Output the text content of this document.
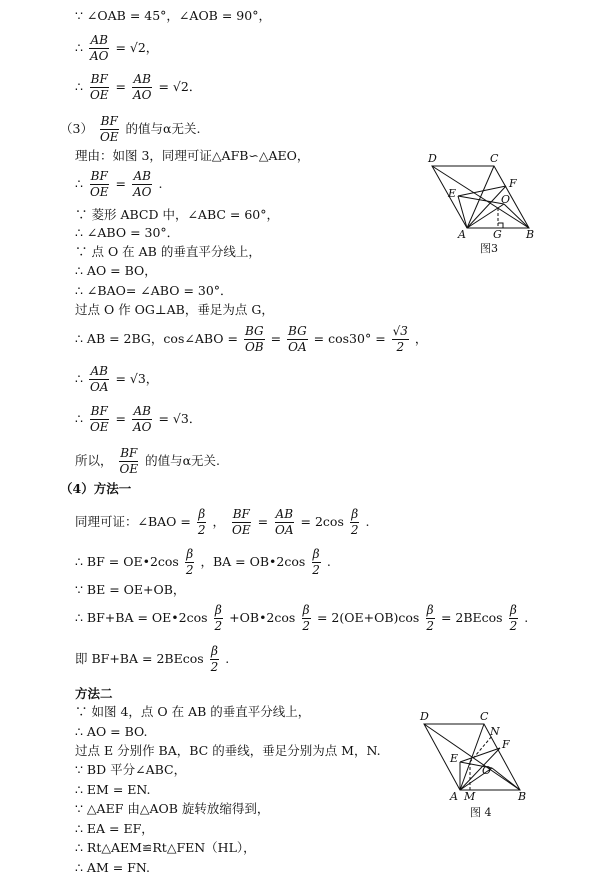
∵ ∠OAB = 45°，∠AOB = 90°，
∴ $\frac{AB}{AO} = √2$，
∴ $\frac{BF}{OE} = \frac{AB}{AO} = √2$．
$(3) \frac{BF}{OE}$ 的值与α无关.
理由：如图 3，同理可证△AFB∽△AEO，
∴ $\frac{BF}{OE} = \frac{AB}{AO}$ .
∵ 菱形 ABCD 中，∠ABC = 60°，
∴ ∠ABO = 30°．
∵ 点 O 在 AB 的垂直平分线上，
∴ AO = BO，
∴ ∠BAO= ∠ABO = 30°．
过点 O 作 OG⊥AB，垂足为点 G，
∴ AB = 2BG，cos∠ABO = $\frac{BG}{OB} = \frac{BG}{OA} = \cos 30^\circ = \frac{√3}{2}$ ，
∴ $\frac{AB}{OA} = √3$，
∴ $\frac{BF}{OE} = \frac{AB}{AO} = √3$．
所以， $\frac{BF}{OE}$ 的值与α无关.
（4）方法一
同理可证：∠BAO = $\frac{\beta}{2}$ ， $\frac{BF}{OE} = \frac{AB}{OA} = 2\cos \frac{\beta}{2}$ .
∴ BF = OE•2cos $\frac{\beta}{2}$ ，BA = OB•2cos $\frac{\beta}{2}$ .
∵ BE = OE+OB，
∴ BF+BA = OE•2cos $\frac{\beta}{2}$ +OB•2cos $\frac{\beta}{2} = 2(OE+OB)\cos \frac{\beta}{2} = 2BEcos \frac{\beta}{2}$ .
即 $BF+BA = 2BEcos \frac{\beta}{2}$ .
方法二
∵ 如图 4，点 O 在 AB 的垂直平分线上，
∴ AO = BO.
过点 E 分别作 BA，BC 的垂线，垂足分别为点 M，N.
∵ BD 平分∠ABC，
∴ EM = EN.
∵ △AEF 由△AOB 旋转放缩得到，
∴ EA = EF，
∴ Rt△AEM≌Rt△FEN（HL），
∴ AM = FN.
D	C
F
E	O
A G B
图3
D	C
N
F
E
O
A M	B
图 4
